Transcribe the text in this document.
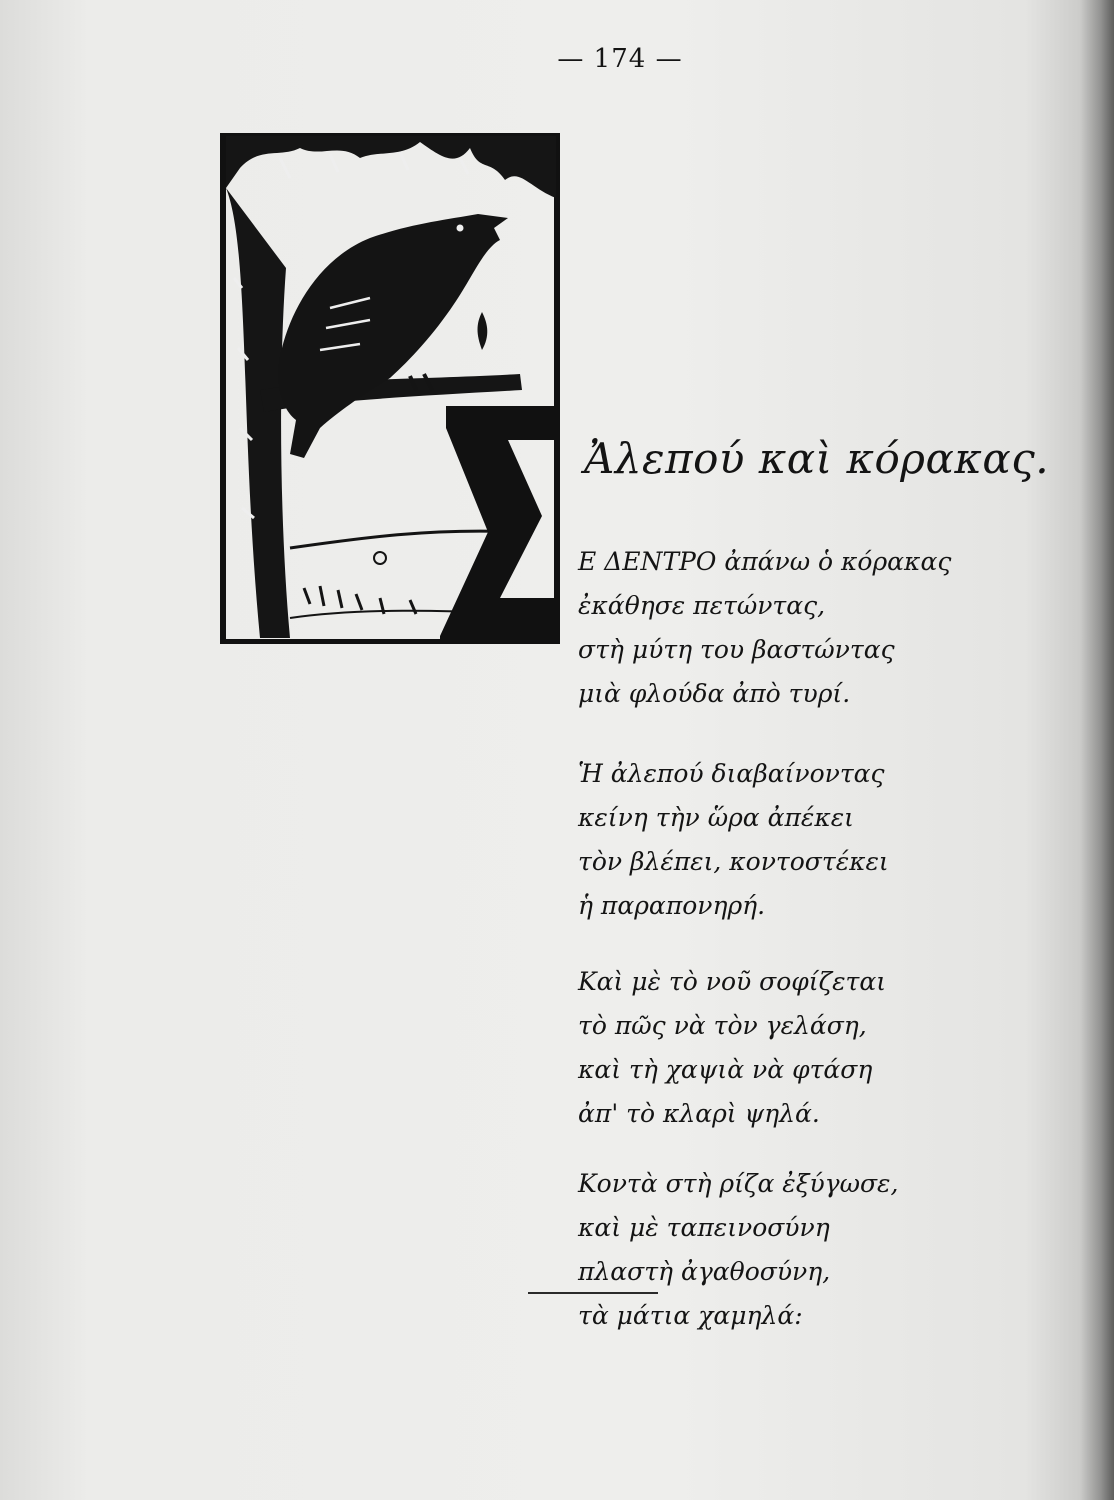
— 174 —
Ἀλεπού καὶ κόρακας.
Ε ΔΕΝΤΡΟ ἀπάνω ὁ κόρακας
ἐκάθησε πετώντας,
στὴ μύτη του βαστώντας
μιὰ φλούδα ἀπὸ τυρί.
Ἡ ἀλεπού διαβαίνοντας
κείνη τὴν ὥρα ἀπέκει
τὸν βλέπει, κοντοστέκει
ἡ παραπονηρή.
Καὶ μὲ τὸ νοῦ σοφίζεται
τὸ πῶς νὰ τὸν γελάση,
καὶ τὴ χαψιὰ νὰ φτάση
ἀπ' τὸ κλαρὶ ψηλά.
Κοντὰ στὴ ρίζα ἐξύγωσε,
καὶ μὲ ταπεινοσύνη
πλαστὴ ἀγαθοσύνη,
τὰ μάτια χαμηλά:
